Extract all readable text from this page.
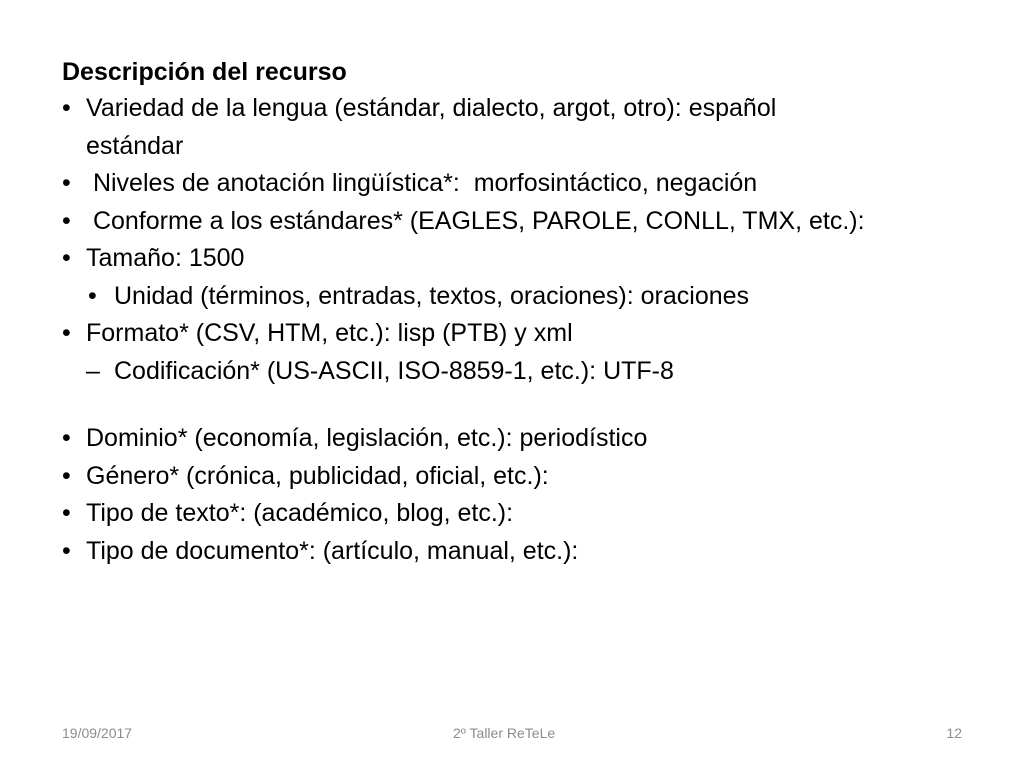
Descripción del recurso
• Variedad de la lengua (estándar, dialecto, argot, otro): español
estándar
• Niveles de anotación lingüística*:  morfosintáctico, negación
• Conforme a los estándares* (EAGLES, PAROLE, CONLL, TMX, etc.):
• Tamaño: 1500
• Unidad (términos, entradas, textos, oraciones): oraciones
• Formato* (CSV, HTM, etc.): lisp (PTB) y xml
– Codificación* (US-ASCII, ISO-8859-1, etc.): UTF-8
• Dominio* (economía, legislación, etc.): periodístico
• Género* (crónica, publicidad, oficial, etc.):
• Tipo de texto*: (académico, blog, etc.):
• Tipo de documento*: (artículo, manual, etc.):
19/09/2017	2º Taller ReTeLe	12
